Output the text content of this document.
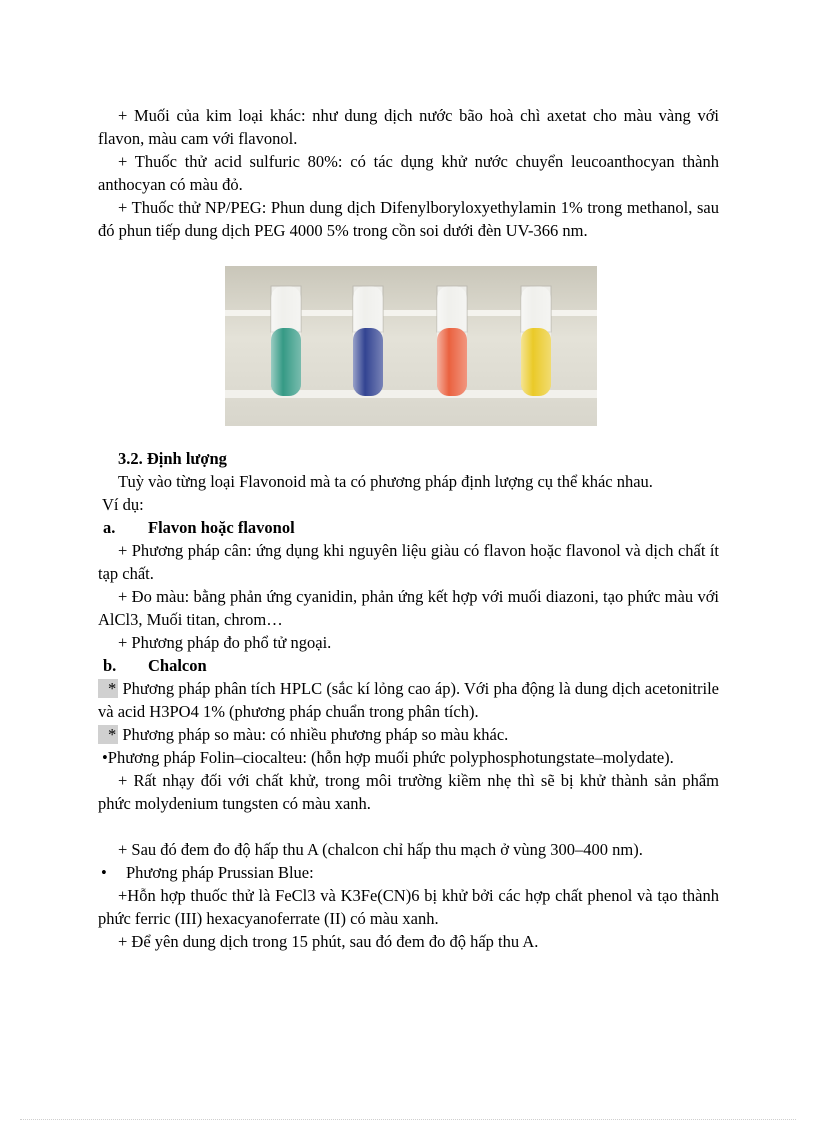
+ Muối của kim loại khác: như dung dịch nước bão hoà chì axetat cho màu vàng với flavon, màu cam với flavonol.

+ Thuốc thử acid sulfuric 80%: có tác dụng khử nước chuyển leucoanthocyan thành anthocyan có màu đỏ.

+ Thuốc thử NP/PEG: Phun dung dịch Difenylboryloxyethylamin 1% trong methanol, sau đó phun tiếp dung dịch PEG 4000 5% trong cồn soi dưới đèn UV-366 nm.

3.2. Định lượng

Tuỳ vào từng loại Flavonoid mà ta có phương pháp định lượng cụ thể khác nhau.

Ví dụ:

a.	Flavon hoặc flavonol

+ Phương pháp cân: ứng dụng khi nguyên liệu giàu có flavon hoặc flavonol và dịch chất ít tạp chất.

+ Đo màu: bằng phản ứng cyanidin, phản ứng kết hợp với muối diazoni, tạo phức màu với AlCl3, Muối titan, chrom…

+ Phương pháp đo phổ tử ngoại.

b.	Chalcon

* Phương pháp phân tích HPLC (sắc kí lỏng cao áp). Với pha động là dung dịch acetonitrile và acid H3PO4 1% (phương pháp chuẩn trong phân tích).

* Phương pháp so màu: có nhiều phương pháp so màu khác.

•Phương pháp Folin–ciocalteu: (hỗn hợp muối phức polyphosphotungstate–molydate).

+ Rất nhạy đối với chất khử, trong môi trường kiềm nhẹ thì sẽ bị khử thành sản phẩm phức molydenium tungsten có màu xanh.

+ Sau đó đem đo độ hấp thu A (chalcon chỉ hấp thu mạch ở vùng 300–400 nm).

•	Phương pháp Prussian Blue:

+Hỗn hợp thuốc thử là FeCl3 và K3Fe(CN)6 bị khử bởi các hợp chất phenol và tạo thành phức ferric (III) hexacyanoferrate (II) có màu xanh.

+ Để yên dung dịch trong 15 phút, sau đó đem đo độ hấp thu A.
